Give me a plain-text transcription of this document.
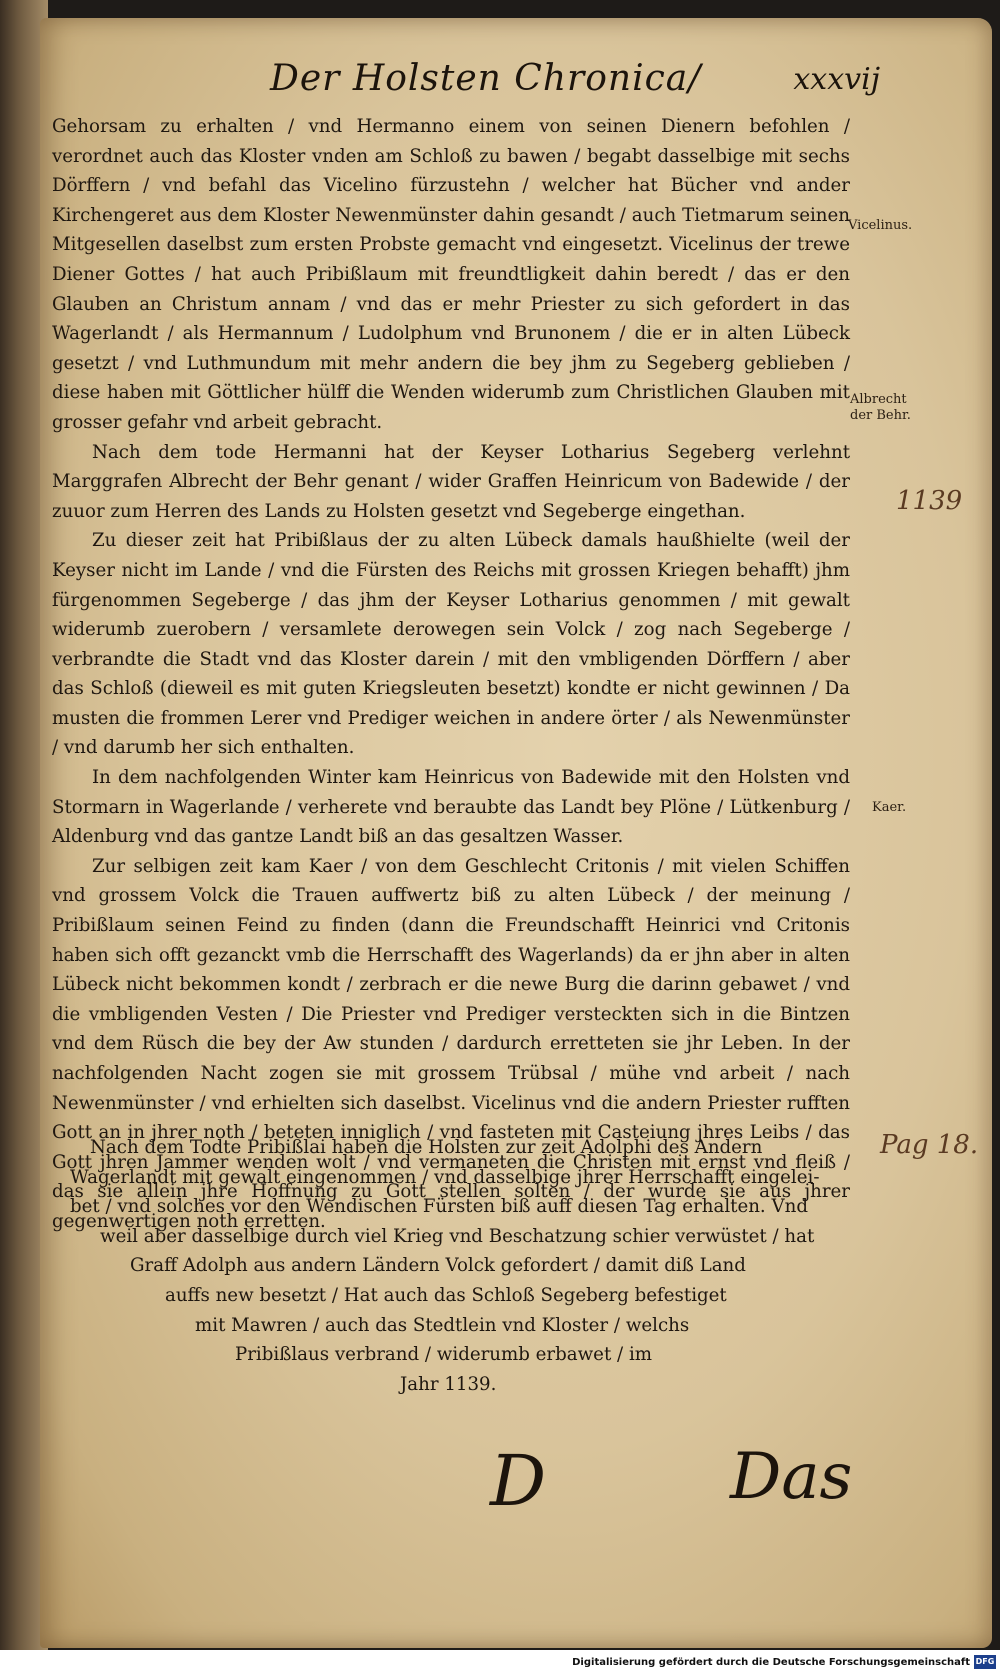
Der Holsten Chronica/	xxxvij

Gehorsam zu erhalten / vnd Hermanno einem von seinen Dienern befohlen / verordnet auch das Kloster vnden am Schloß zu bawen / begabt dasselbige mit sechs Dörffern / vnd befahl das Vicelino fürzustehn / welcher hat Bücher vnd ander Kirchengeret aus dem Kloster Newenmünster dahin gesandt / auch Tietmarum seinen Mitgesellen daselbst zum ersten Probste gemacht vnd eingesetzt. Vicelinus der trewe Diener Gottes / hat auch Pribißlaum mit freundtligkeit dahin beredt / das er den Glauben an Christum annam / vnd das er mehr Priester zu sich gefordert in das Wagerlandt / als Hermannum / Ludolphum vnd Brunonem / die er in alten Lübeck gesetzt / vnd Luthmundum mit mehr andern die bey jhm zu Segeberg geblieben / diese haben mit Göttlicher hülff die Wenden widerumb zum Christlichen Glauben mit grosser gefahr vnd arbeit gebracht.

Nach dem tode Hermanni hat der Keyser Lotharius Segeberg verlehnt Marggrafen Albrecht der Behr genant / wider Graffen Heinricum von Badewide / der zuuor zum Herren des Lands zu Holsten gesetzt vnd Segeberge eingethan.

Zu dieser zeit hat Pribißlaus der zu alten Lübeck damals haußhielte (weil der Keyser nicht im Lande / vnd die Fürsten des Reichs mit grossen Kriegen behafft) jhm fürgenommen Segeberge / das jhm der Keyser Lotharius genommen / mit gewalt widerumb zuerobern / versamlete derowegen sein Volck / zog nach Segeberge / verbrandte die Stadt vnd das Kloster darein / mit den vmbligenden Dörffern / aber das Schloß (dieweil es mit guten Kriegsleuten besetzt) kondte er nicht gewinnen / Da musten die frommen Lerer vnd Prediger weichen in andere örter / als Newenmünster / vnd darumb her sich enthalten.

In dem nachfolgenden Winter kam Heinricus von Badewide mit den Holsten vnd Stormarn in Wagerlande / verherete vnd beraubte das Landt bey Plöne / Lütkenburg / Aldenburg vnd das gantze Landt biß an das gesaltzen Wasser.

Zur selbigen zeit kam Kaer / von dem Geschlecht Critonis / mit vielen Schiffen vnd grossem Volck die Trauen auffwertz biß zu alten Lübeck / der meinung / Pribißlaum seinen Feind zu finden (dann die Freundschafft Heinrici vnd Critonis haben sich offt gezanckt vmb die Herrschafft des Wagerlands) da er jhn aber in alten Lübeck nicht bekommen kondt / zerbrach er die newe Burg die darinn gebawet / vnd die vmbligenden Vesten / Die Priester vnd Prediger versteckten sich in die Bintzen vnd dem Rüsch die bey der Aw stunden / dardurch erretteten sie jhr Leben. In der nachfolgenden Nacht zogen sie mit grossem Trübsal / mühe vnd arbeit / nach Newenmünster / vnd erhielten sich daselbst. Vicelinus vnd die andern Priester rufften Gott an in jhrer noth / beteten inniglich / vnd fasteten mit Casteiung jhres Leibs / das Gott jhren Jammer wenden wolt / vnd vermaneten die Christen mit ernst vnd fleiß / das sie allein jhre Hoffnung zu Gott stellen solten / der wurde sie aus jhrer gegenwertigen noth erretten.

Nach dem Todte Pribißlai haben die Holsten zur zeit Adolphi des Andern
Wagerlandt mit gewalt eingenommen / vnd dasselbige jhrer Herrschafft eingelei-
bet / vnd solches vor den Wendischen Fürsten biß auff diesen Tag erhalten. Vnd
weil aber dasselbige durch viel Krieg vnd Beschatzung schier verwüstet / hat
Graff Adolph aus andern Ländern Volck gefordert / damit diß Land
auffs new besetzt / Hat auch das Schloß Segeberg befestiget
mit Mawren / auch das Stedtlein vnd Kloster / welchs
Pribißlaus verbrand / widerumb erbawet / im
Jahr 1139.
Vicelinus.
Albrecht der Behr.
Kaer.
1139
Pag 18.
D	Das
Digitalisierung gefördert durch die Deutsche Forschungsgemeinschaft DFG
